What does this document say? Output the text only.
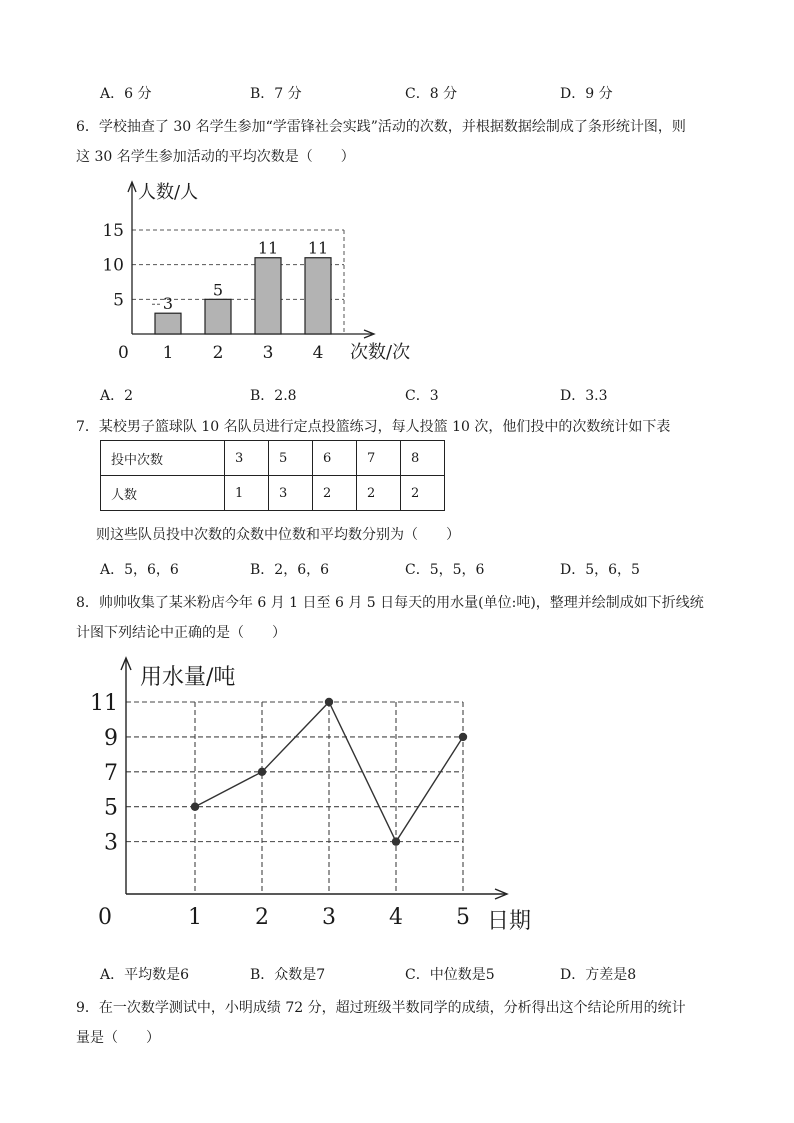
A．6 分	B．7 分	C．8 分	D．9 分
6．学校抽查了 30 名学生参加“学雷锋社会实践”活动的次数，并根据数据绘制成了条形统计图，则
这 30 名学生参加活动的平均次数是（　　）
5
10
15
人数/人
次数/次
0
3
1
5
2
11
3
11
4
A．2	B．2.8	C．3	D．3.3
7．某校男子篮球队 10 名队员进行定点投篮练习，每人投篮 10 次，他们投中的次数统计如下表
投中次数	3	5	6	7	8
人数	1	3	2	2	2
则这些队员投中次数的众数中位数和平均数分别为（　　）
A．5，6，6	B．2，6，6	C．5，5，6	D．5，6，5
8．帅帅收集了某米粉店今年 6 月 1 日至 6 月 5 日每天的用水量(单位:吨)，整理并绘制成如下折线统
计图下列结论中正确的是（　　）
3
5
7
9
11
1 2 3 4 5
用水量/吨
日期
0
A．平均数是6	B．众数是7	C．中位数是5	D．方差是8
9．在一次数学测试中，小明成绩 72 分，超过班级半数同学的成绩，分析得出这个结论所用的统计
量是（　　）
